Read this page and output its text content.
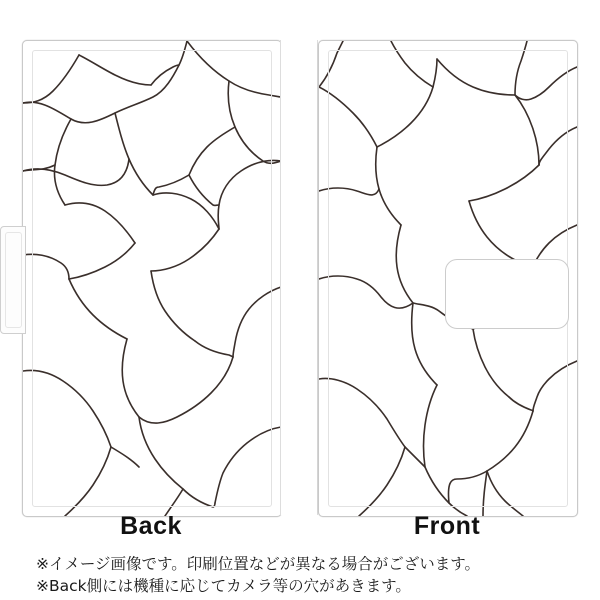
Back	Front
※イメージ画像です。印刷位置などが異なる場合がございます。
※Back側には機種に応じてカメラ等の穴があきます。
